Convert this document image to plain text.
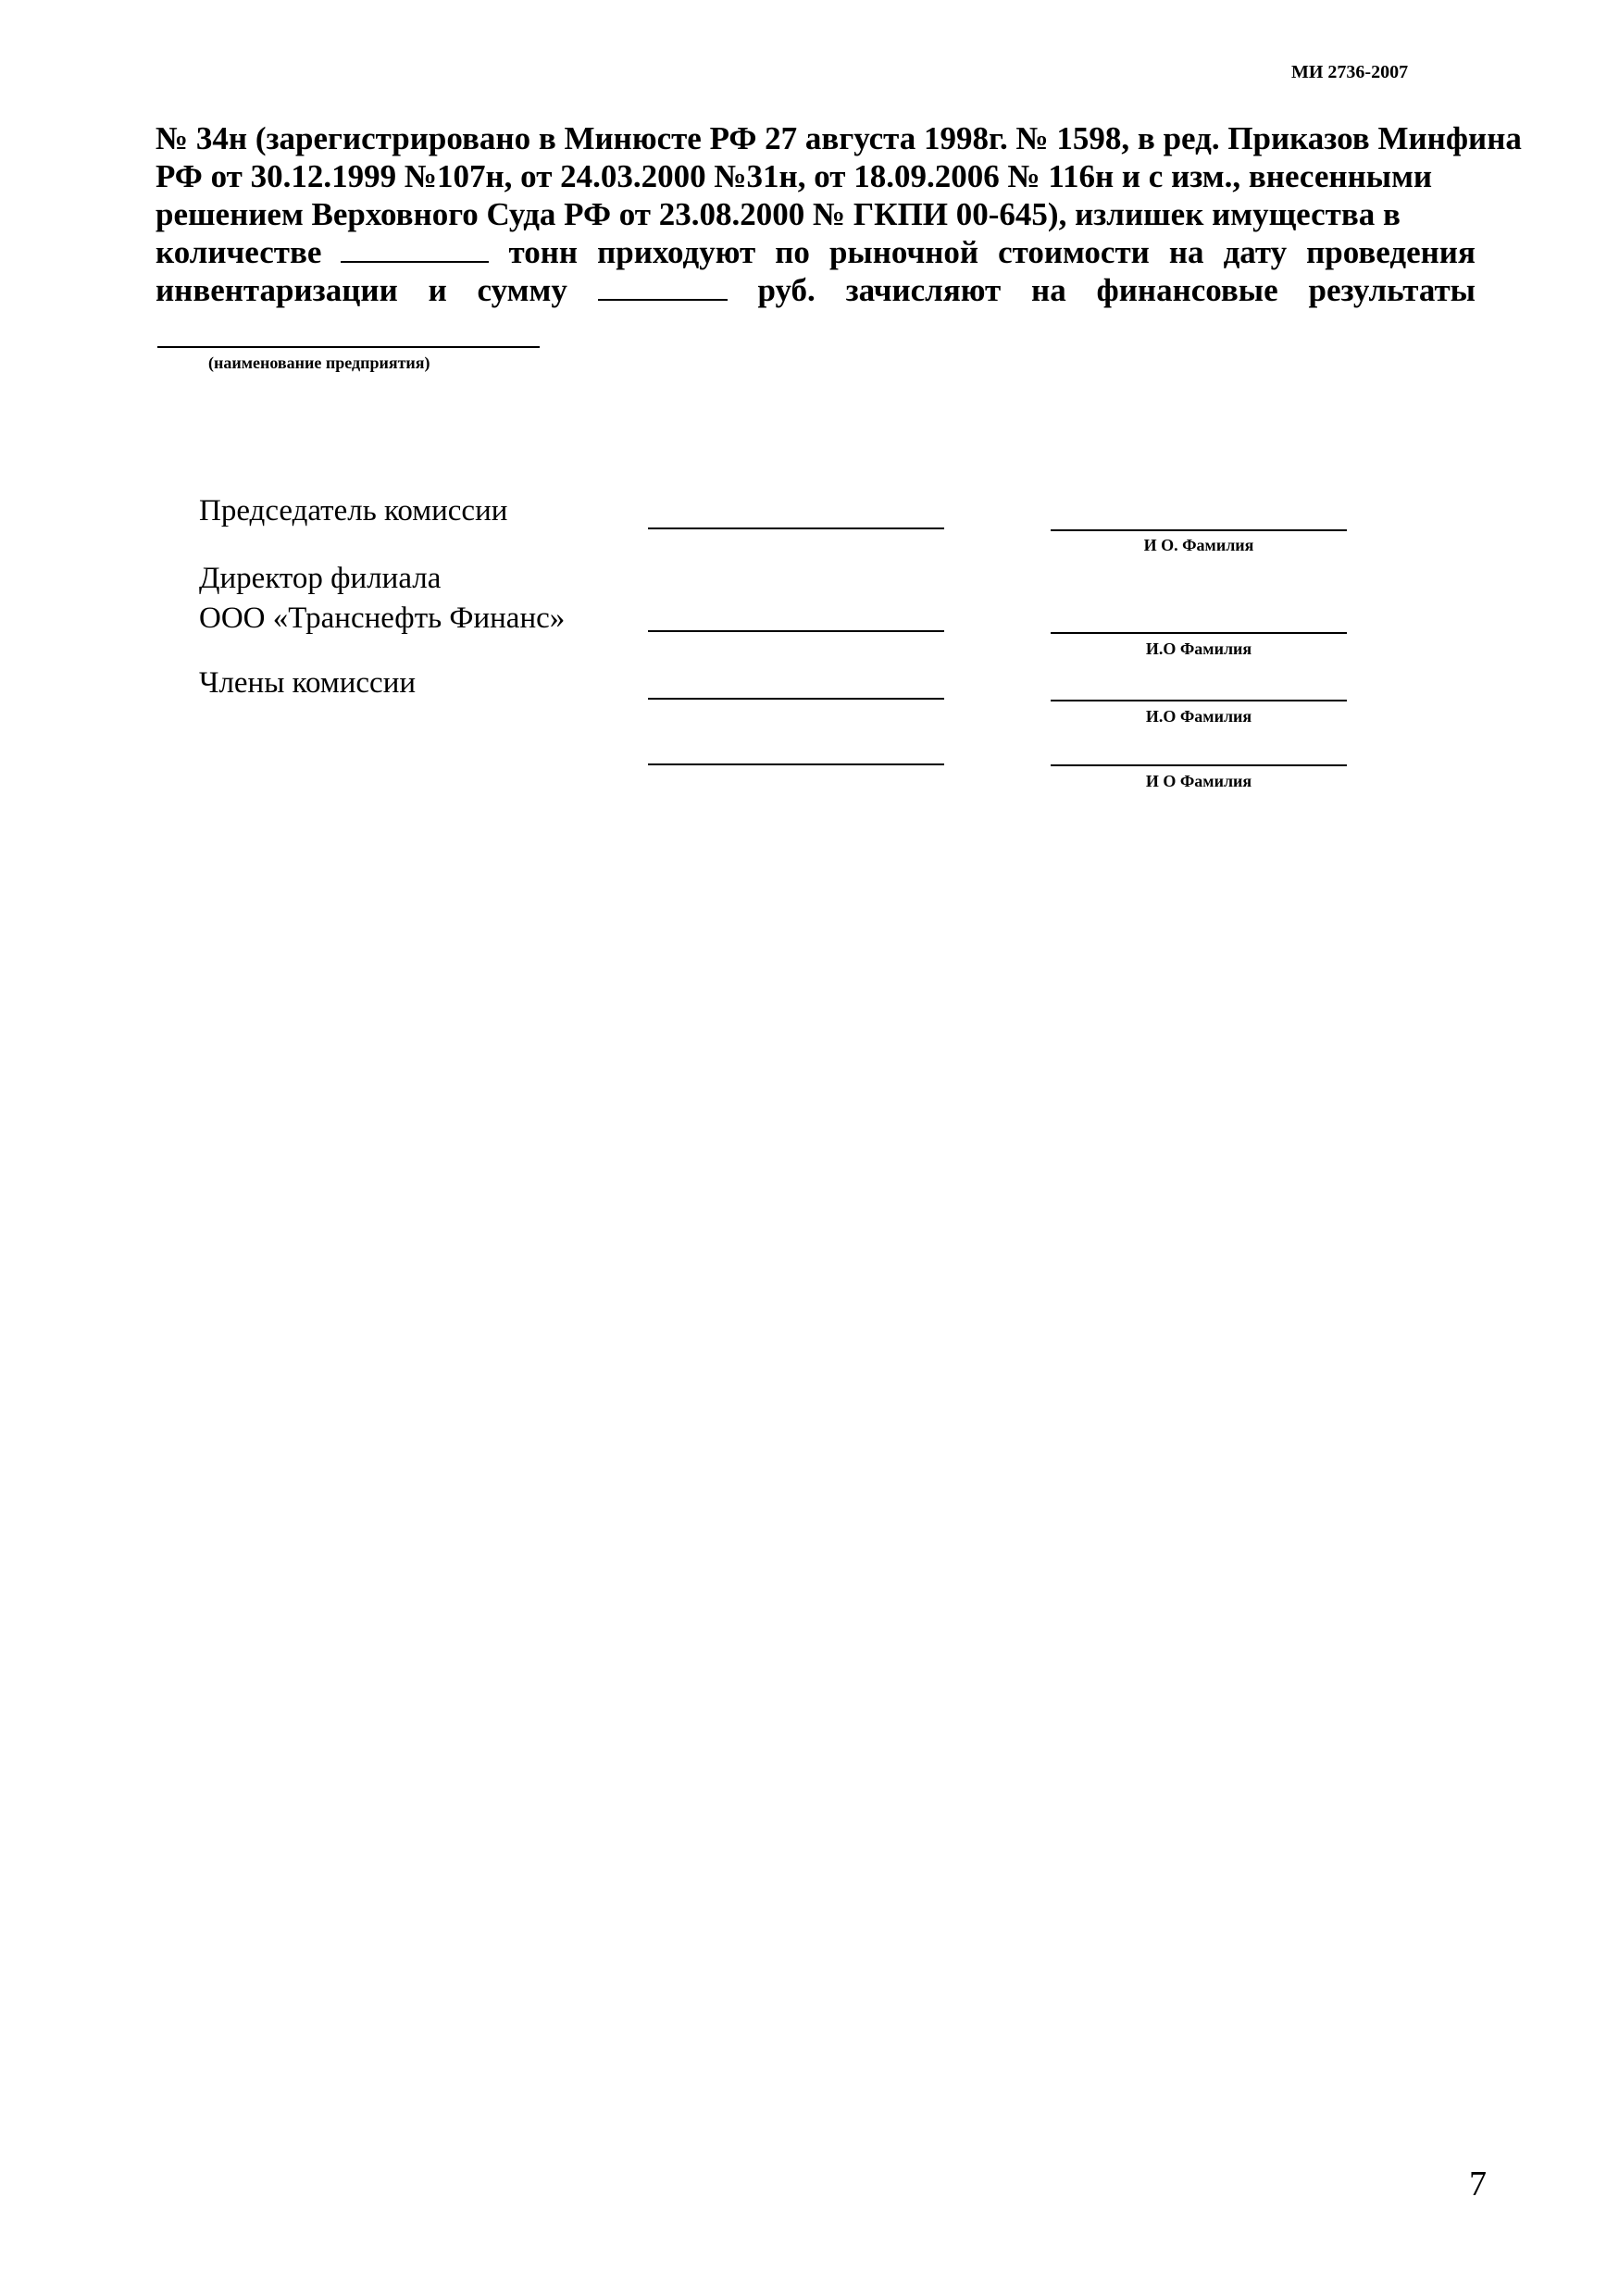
МИ 2736-2007
№ 34н (зарегистрировано в Минюсте РФ 27 августа 1998г. № 1598, в ред. Приказов Минфина
РФ от 30.12.1999 №107н, от 24.03.2000 №31н, от 18.09.2006 № 116н и с изм., внесенными
решением Верховного Суда РФ от 23.08.2000 № ГКПИ 00-645), излишек имущества в
количестве	тонн приходуют по рыночной стоимости на дату проведения
инвентаризации и сумму	руб. зачисляют на финансовые результаты
(наименование предприятия)
Председатель комиссии
И О. Фамилия
Директор филиала
ООО «Транснефть Финанс»
И.О Фамилия
Члены комиссии
И.О Фамилия
И О Фамилия
7
